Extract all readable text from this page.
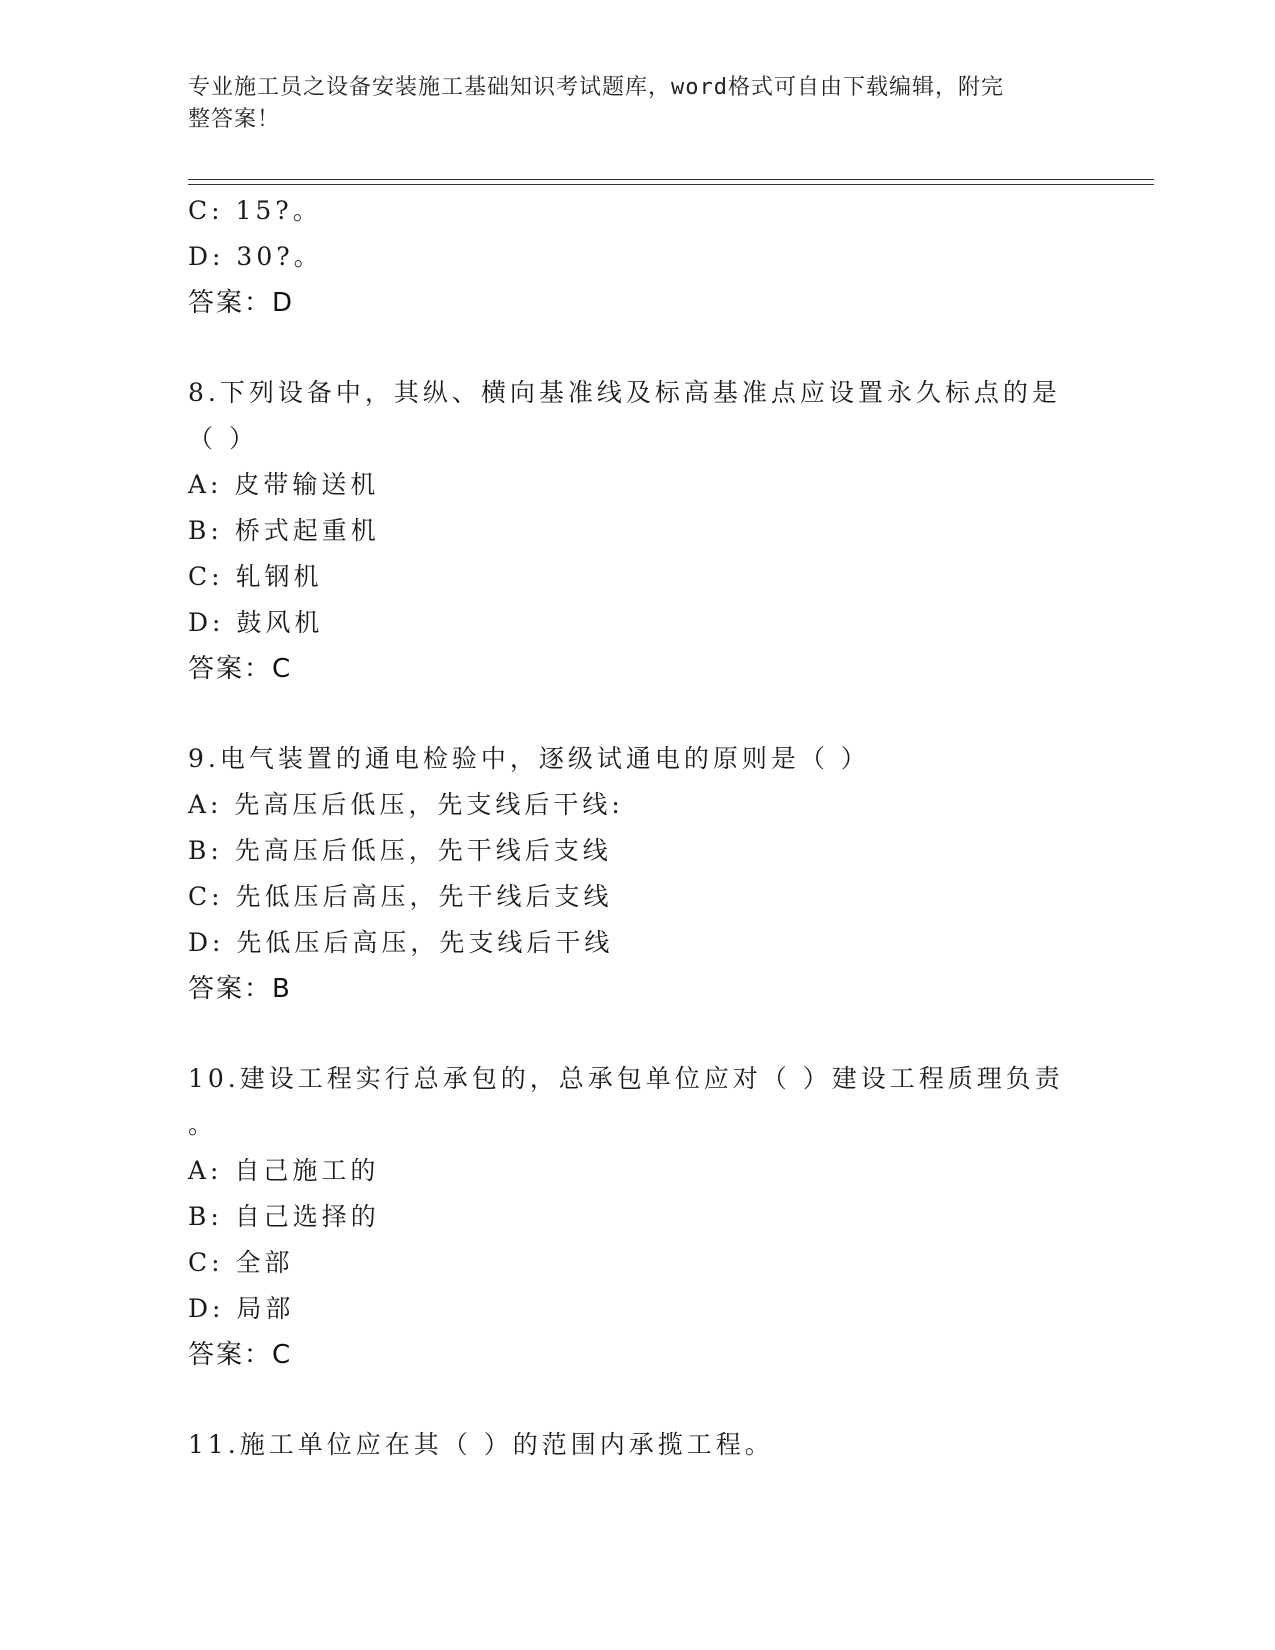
专业施工员之设备安装施工基础知识考试题库，word格式可自由下载编辑，附完
整答案！
C: 15?。
D: 30?。
答案：D
8.下列设备中，其纵、横向基准线及标高基准点应设置永久标点的是
（ ）
A: 皮带输送机
B: 桥式起重机
C: 轧钢机
D: 鼓风机
答案：C
9.电气装置的通电检验中，逐级试通电的原则是（ ）
A: 先高压后低压，先支线后干线:
B: 先高压后低压，先干线后支线
C: 先低压后高压，先干线后支线
D: 先低压后高压，先支线后干线
答案：B
10.建设工程实行总承包的，总承包单位应对（ ）建设工程质理负责
。
A: 自己施工的
B: 自己选择的
C: 全部
D: 局部
答案：C
11.施工单位应在其（ ）的范围内承揽工程。
